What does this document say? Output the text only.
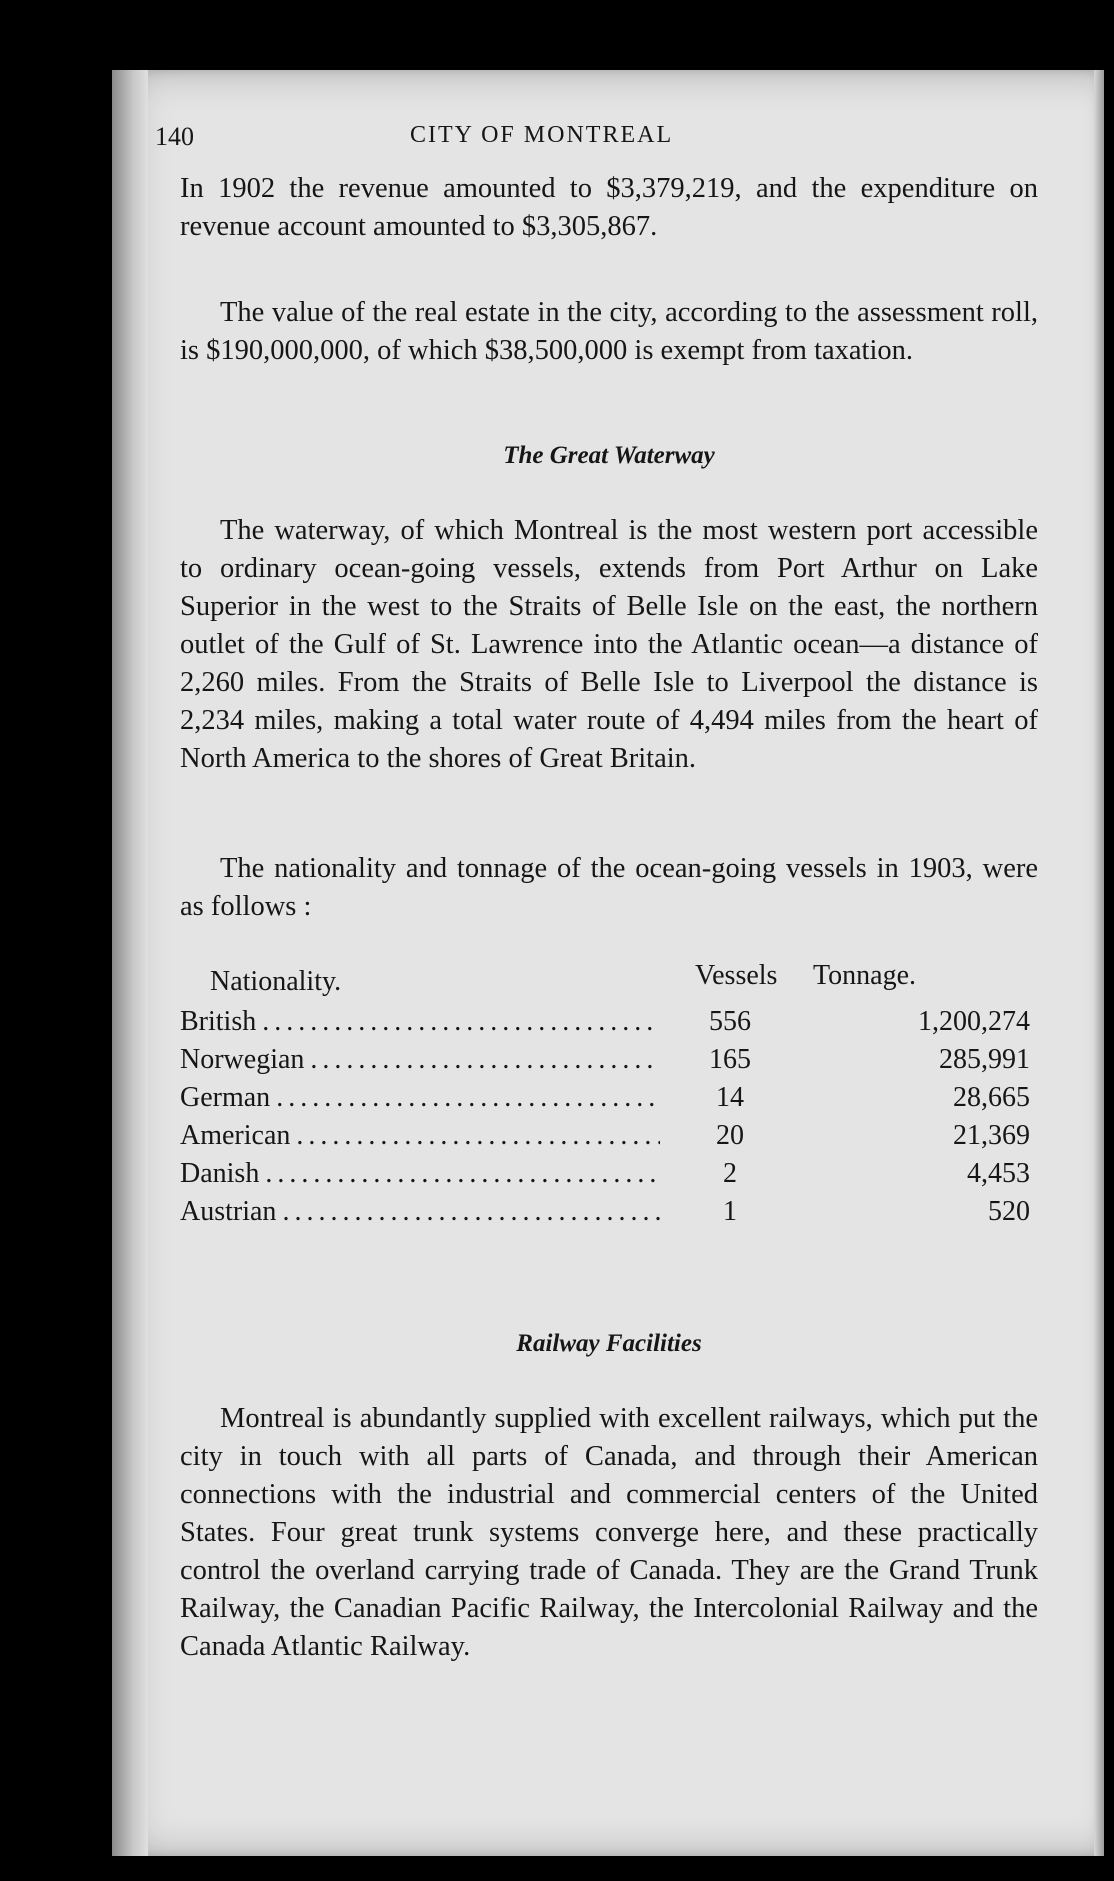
140	CITY OF MONTREAL
In 1902 the revenue amounted to $3,379,219, and the expenditure on revenue account amounted to $3,305,867.
The value of the real estate in the city, according to the assessment roll, is $190,000,000, of which $38,500,000 is exempt from taxation.
The Great Waterway
The waterway, of which Montreal is the most western port accessible to ordinary ocean-going vessels, extends from Port Arthur on Lake Superior in the west to the Straits of Belle Isle on the east, the northern outlet of the Gulf of St. Lawrence into the Atlantic ocean—a distance of 2,260 miles. From the Straits of Belle Isle to Liverpool the distance is 2,234 miles, making a total water route of 4,494 miles from the heart of North America to the shores of Great Britain.
The nationality and tonnage of the ocean-going vessels in 1903, were as follows :
Nationality.	Vessels Tonnage.
British . . .	556	1,200,274
Norwegian . . .	165	285,991
German . . .	14	28,665
American . . .	20	21,369
Danish . . .	2	4,453
Austrian . . .	1	520
Railway Facilities
Montreal is abundantly supplied with excellent railways, which put the city in touch with all parts of Canada, and through their American connections with the industrial and commercial centers of the United States. Four great trunk systems converge here, and these practically control the overland carrying trade of Canada. They are the Grand Trunk Railway, the Canadian Pacific Railway, the Intercolonial Railway and the Canada Atlantic Railway.
